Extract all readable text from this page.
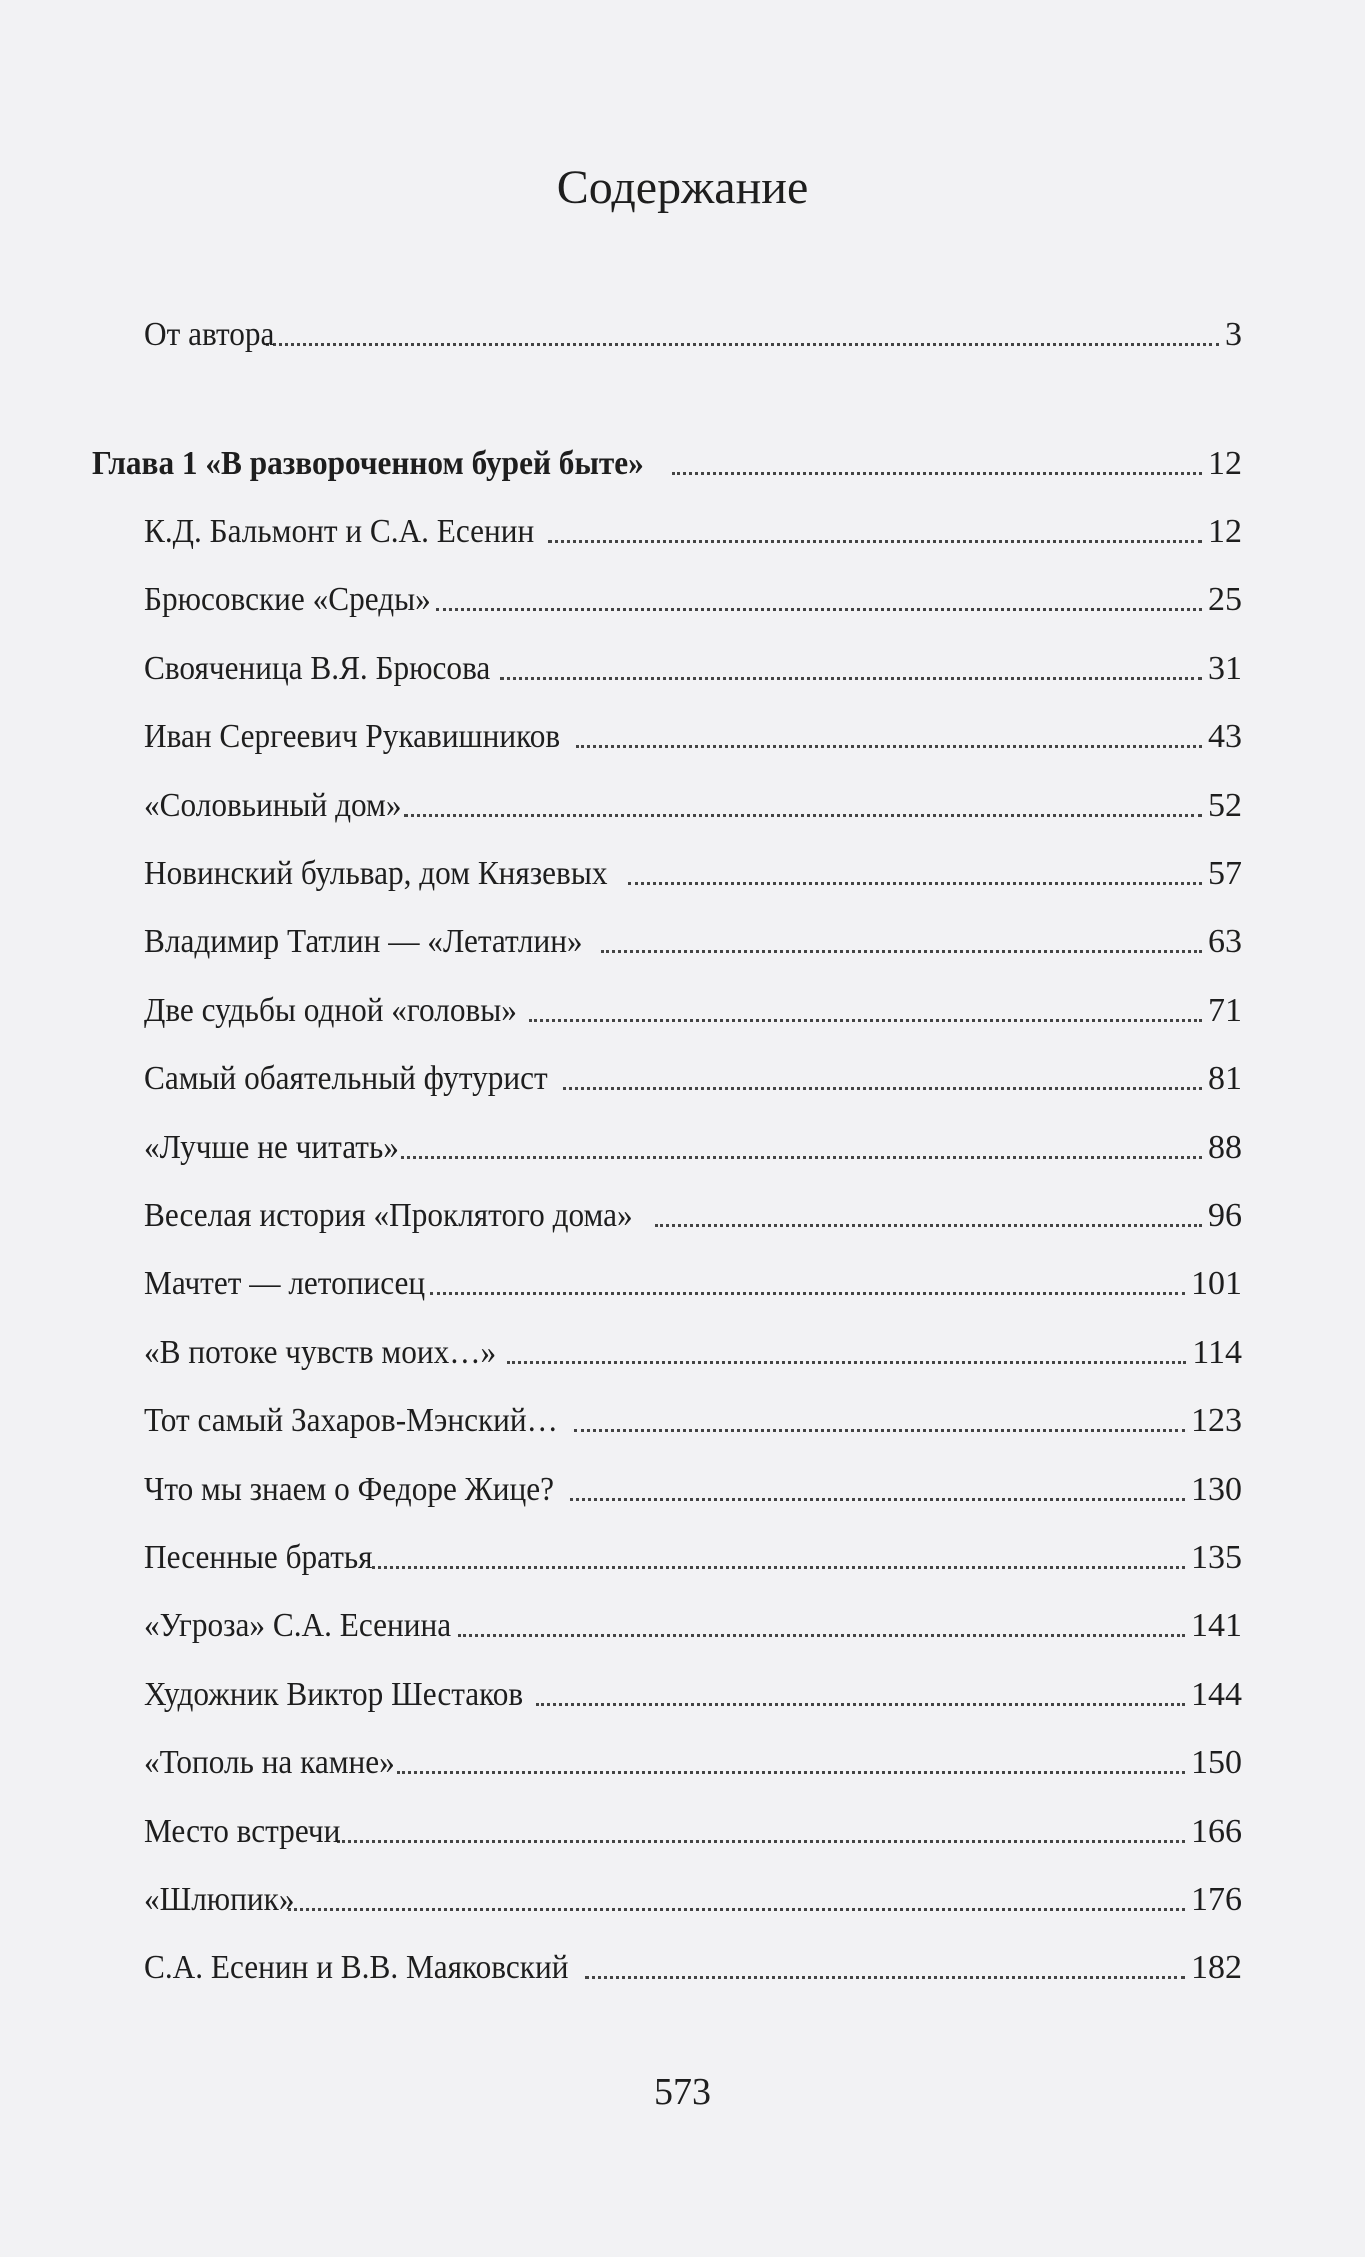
Содержание
От автора	3
Глава 1 «В развороченном бурей быте»	12
К.Д. Бальмонт и С.А. Есенин	12
Брюсовские «Среды»	25
Свояченица В.Я. Брюсова	31
Иван Сергеевич Рукавишников	43
«Соловьиный дом»	52
Новинский бульвар, дом Князевых	57
Владимир Татлин — «Летатлин»	63
Две судьбы одной «головы»	71
Самый обаятельный футурист	81
«Лучше не читать»	88
Веселая история «Проклятого дома»	96
Мачтет — летописец	101
«В потоке чувств моих…»	114
Тот самый Захаров-Мэнский…	123
Что мы знаем о Федоре Жице?	130
Песенные братья	135
«Угроза» С.А. Есенина	141
Художник Виктор Шестаков	144
«Тополь на камне»	150
Место встречи	166
«Шлюпик»	176
С.А. Есенин и В.В. Маяковский	182
573
